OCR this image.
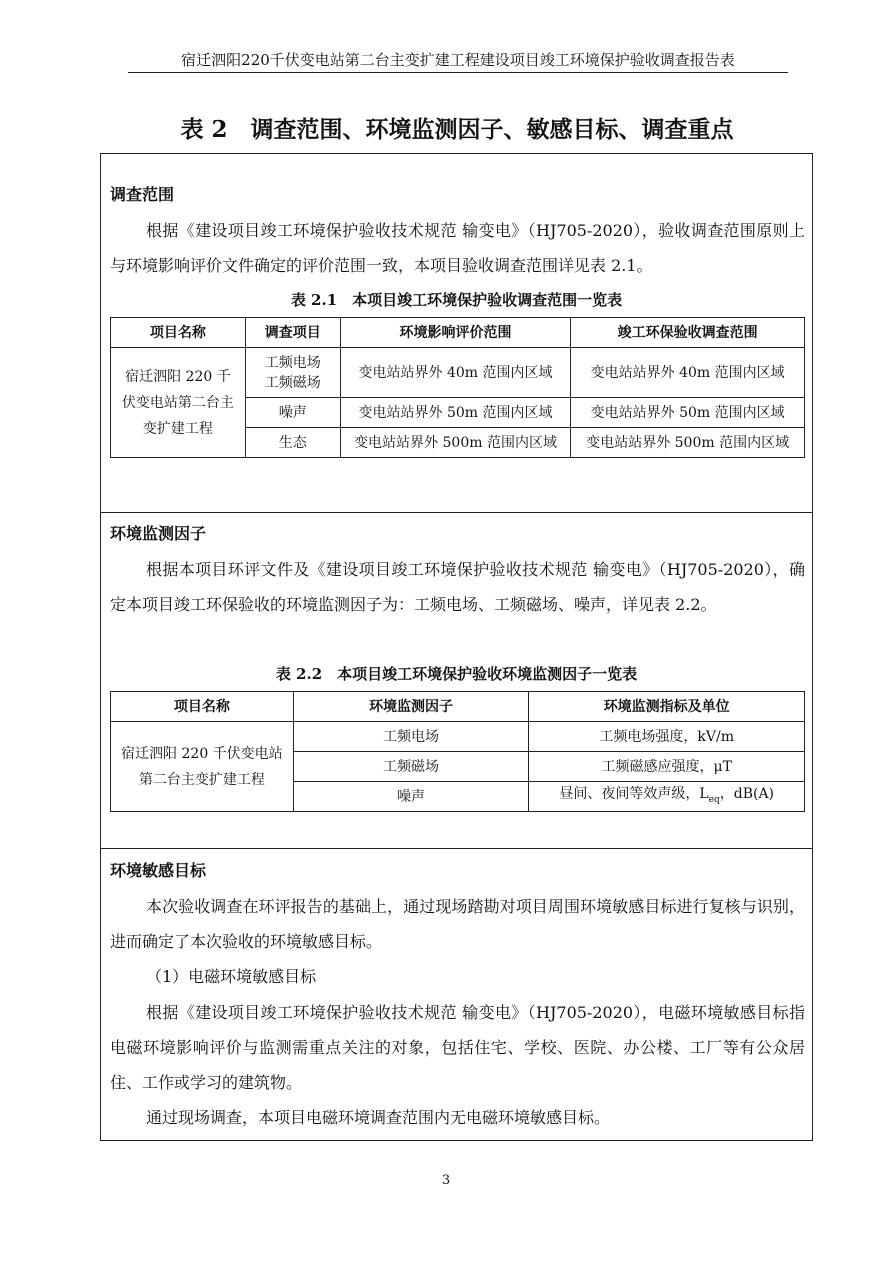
宿迁泗阳220千伏变电站第二台主变扩建工程建设项目竣工环境保护验收调查报告表
表 2　调查范围、环境监测因子、敏感目标、调查重点
调查范围

根据《建设项目竣工环境保护验收技术规范 输变电》（HJ705-2020），验收调查范围原则上与环境影响评价文件确定的评价范围一致，本项目验收调查范围详见表 2.1。

表 2.1　本项目竣工环境保护验收调查范围一览表
项目名称	调查项目	环境影响评价范围	竣工环保验收调查范围
宿迁泗阳 220 千伏变电站第二台主变扩建工程	工频电场工频磁场	变电站站界外 40m 范围内区域	变电站站界外 40m 范围内区域
	噪声	变电站站界外 50m 范围内区域	变电站站界外 50m 范围内区域
	生态	变电站站界外 500m 范围内区域	变电站站界外 500m 范围内区域
环境监测因子

根据本项目环评文件及《建设项目竣工环境保护验收技术规范 输变电》（HJ705-2020），确定本项目竣工环保验收的环境监测因子为：工频电场、工频磁场、噪声，详见表 2.2。

表 2.2　本项目竣工环境保护验收环境监测因子一览表
项目名称	环境监测因子	环境监测指标及单位
宿迁泗阳 220 千伏变电站第二台主变扩建工程	工频电场	工频电场强度，kV/m
	工频磁场	工频磁感应强度，μT
	噪声	昼间、夜间等效声级，$L_{eq}$，dB(A)
环境敏感目标

本次验收调查在环评报告的基础上，通过现场踏勘对项目周围环境敏感目标进行复核与识别，进而确定了本次验收的环境敏感目标。

（1）电磁环境敏感目标

根据《建设项目竣工环境保护验收技术规范 输变电》（HJ705-2020），电磁环境敏感目标指电磁环境影响评价与监测需重点关注的对象，包括住宅、学校、医院、办公楼、工厂等有公众居住、工作或学习的建筑物。

通过现场调查，本项目电磁环境调查范围内无电磁环境敏感目标。

3
